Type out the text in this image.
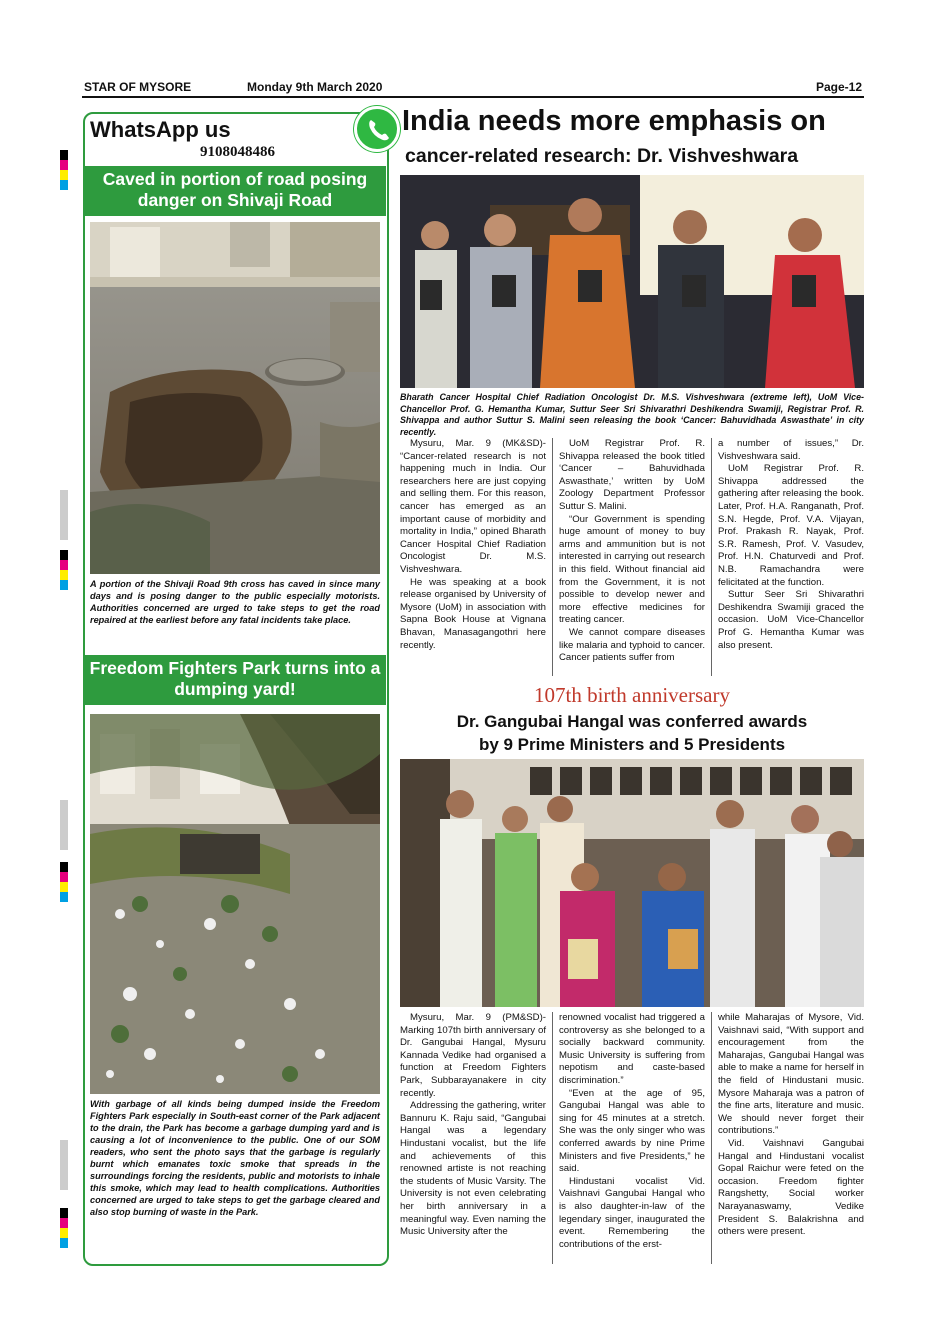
STAR OF MYSORE	Monday 9th March 2020	Page-12
WhatsApp us
9108048486
Caved in portion of road posing danger on Shivaji Road
A portion of the Shivaji Road 9th cross has caved in since many days and is posing danger to the public especially motorists. Authorities concerned are urged to take steps to get the road repaired at the earliest before any fatal incidents take place.
Freedom Fighters Park turns into a dumping yard!
With garbage of all kinds being dumped inside the Freedom Fighters Park especially in South-east corner of the Park adjacent to the drain, the Park has become a garbage dumping yard and is causing a lot of inconvenience to the public. One of our SOM readers, who sent the photo says that the garbage is regularly burnt which emanates toxic smoke that spreads in the surroundings forcing the residents, public and motorists to inhale this smoke, which may lead to health complications. Authorities concerned are urged to take steps to get the garbage cleared and also stop burning of waste in the Park.
India needs more emphasis on
cancer-related research: Dr. Vishveshwara
Bharath Cancer Hospital Chief Radiation Oncologist Dr. M.S. Vishveshwara (extreme left), UoM Vice-Chancellor Prof. G. Hemantha Kumar, Suttur Seer Sri Shivarathri Deshikendra Swamiji, Registrar Prof. R. Shivappa and author Suttur S. Malini seen releasing the book ‘Cancer: Bahuvidhada Aswasthate’ in city recently.

Mysuru, Mar. 9 (MK&SD)- “Cancer-related research is not happening much in India. Our researchers here are just copying and selling them. For this reason, cancer has emerged as an important cause of morbidity and mortality in India,” opined Bharath Cancer Hospital Chief Radiation Oncologist Dr. M.S. Vishveshwara.

He was speaking at a book release organised by University of Mysore (UoM) in association with Sapna Book House at Vignana Bhavan, Manasagangothri here recently.

UoM Registrar Prof. R. Shivappa released the book titled ‘Cancer – Bahuvidhada Aswasthate,’ written by UoM Zoology Department Professor Suttur S. Malini.

“Our Government is spending huge amount of money to buy arms and ammunition but is not interested in carrying out research in this field. Without financial aid from the Government, it is not possible to develop newer and more effective medicines for treating cancer.

We cannot compare diseases like malaria and typhoid to cancer. Cancer patients suffer from

a number of issues,” Dr. Vishveshwara said.

UoM Registrar Prof. R. Shivappa addressed the gathering after releasing the book. Later, Prof. H.A. Ranganath, Prof. S.N. Hegde, Prof. V.A. Vijayan, Prof. Prakash R. Nayak, Prof. S.R. Ramesh, Prof. V. Vasudev, Prof. H.N. Chaturvedi and Prof. N.B. Ramachandra were felicitated at the function.

Suttur Seer Sri Shivarathri Deshikendra Swamiji graced the occasion. UoM Vice-Chancellor Prof G. Hemantha Kumar was also present.

107th birth anniversary
Dr. Gangubai Hangal was conferred awards
by 9 Prime Ministers and 5 Presidents

Mysuru, Mar. 9 (PM&SD)- Marking 107th birth anniversary of Dr. Gangubai Hangal, Mysuru Kannada Vedike had organised a function at Freedom Fighters Park, Subbarayanakere in city recently.

Addressing the gathering, writer Bannuru K. Raju said, “Gangubai Hangal was a legendary Hindustani vocalist, but the life and achievements of this renowned artiste is not reaching the students of Music Varsity. The University is not even celebrating her birth anniversary in a meaningful way. Even naming the Music University after the

renowned vocalist had triggered a controversy as she belonged to a socially backward community. Music University is suffering from nepotism and caste-based discrimination.”

“Even at the age of 95, Gangubai Hangal was able to sing for 45 minutes at a stretch. She was the only singer who was conferred awards by nine Prime Ministers and five Presidents,” he said.

Hindustani vocalist Vid. Vaishnavi Gangubai Hangal who is also daughter-in-law of the legendary singer, inaugurated the event. Remembering the contributions of the erst-

while Maharajas of Mysore, Vid. Vaishnavi said, “With support and encouragement from the Maharajas, Gangubai Hangal was able to make a name for herself in the field of Hindustani music. Mysore Maharaja was a patron of the fine arts, literature and music. We should never forget their contributions.”

Vid. Vaishnavi Gangubai Hangal and Hindustani vocalist Gopal Raichur were feted on the occasion. Freedom fighter Rangshetty, Social worker Narayanaswamy, Vedike President S. Balakrishna and others were present.
